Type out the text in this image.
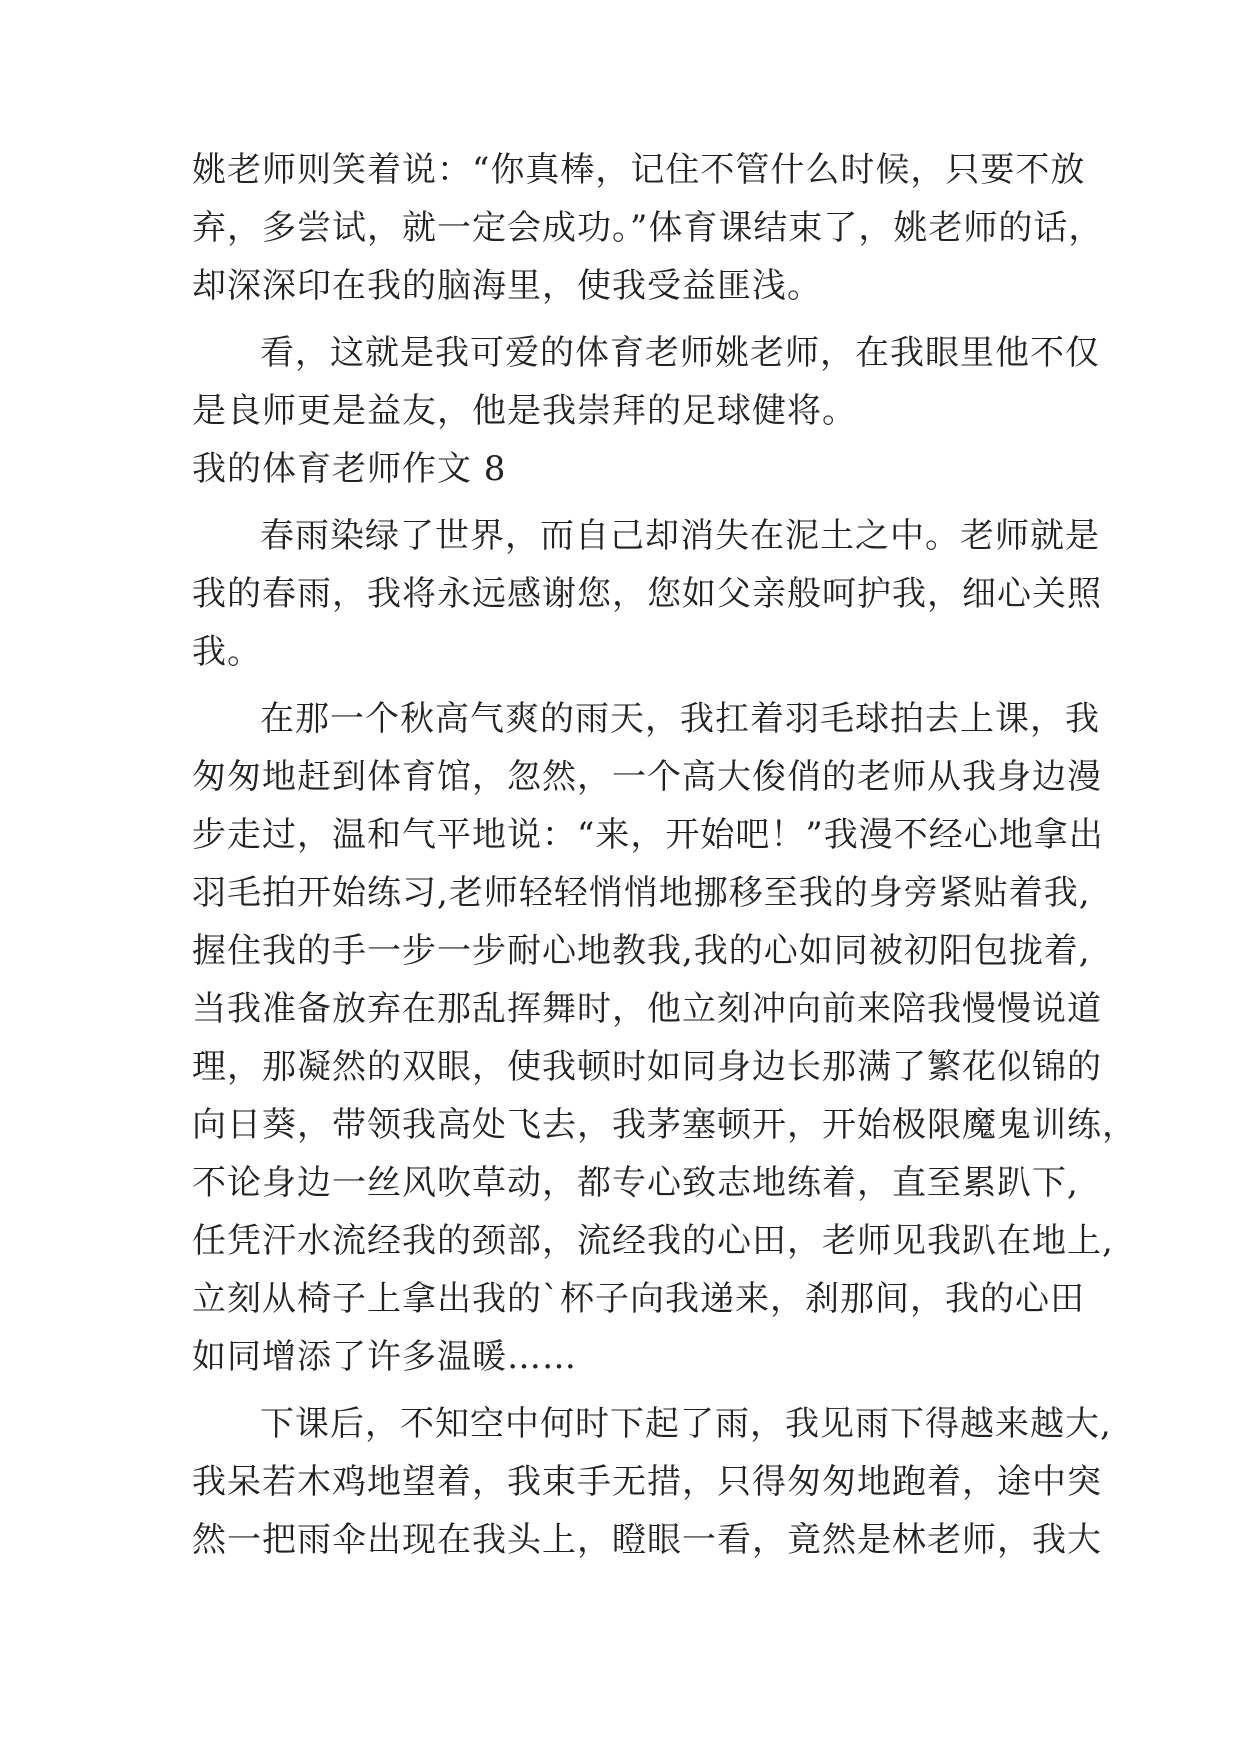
姚老师则笑着说：“你真棒，记住不管什么时候，只要不放
弃，多尝试，就一定会成功。”体育课结束了，姚老师的话，
却深深印在我的脑海里，使我受益匪浅。
看，这就是我可爱的体育老师姚老师，在我眼里他不仅
是良师更是益友，他是我崇拜的足球健将。
我的体育老师作文 8
春雨染绿了世界，而自己却消失在泥土之中。老师就是
我的春雨，我将永远感谢您，您如父亲般呵护我，细心关照
我。
在那一个秋高气爽的雨天，我扛着羽毛球拍去上课，我
匆匆地赶到体育馆，忽然，一个高大俊俏的老师从我身边漫
步走过，温和气平地说：“来，开始吧！”我漫不经心地拿出
羽毛拍开始练习,老师轻轻悄悄地挪移至我的身旁紧贴着我,
握住我的手一步一步耐心地教我,我的心如同被初阳包拢着,
当我准备放弃在那乱挥舞时，他立刻冲向前来陪我慢慢说道
理，那凝然的双眼，使我顿时如同身边长那满了繁花似锦的
向日葵，带领我高处飞去，我茅塞顿开，开始极限魔鬼训练，
不论身边一丝风吹草动，都专心致志地练着，直至累趴下,
任凭汗水流经我的颈部，流经我的心田，老师见我趴在地上,
立刻从椅子上拿出我的`杯子向我递来，刹那间，我的心田
如同增添了许多温暖……
下课后，不知空中何时下起了雨，我见雨下得越来越大,
我呆若木鸡地望着，我束手无措，只得匆匆地跑着，途中突
然一把雨伞出现在我头上，瞪眼一看，竟然是林老师，我大
